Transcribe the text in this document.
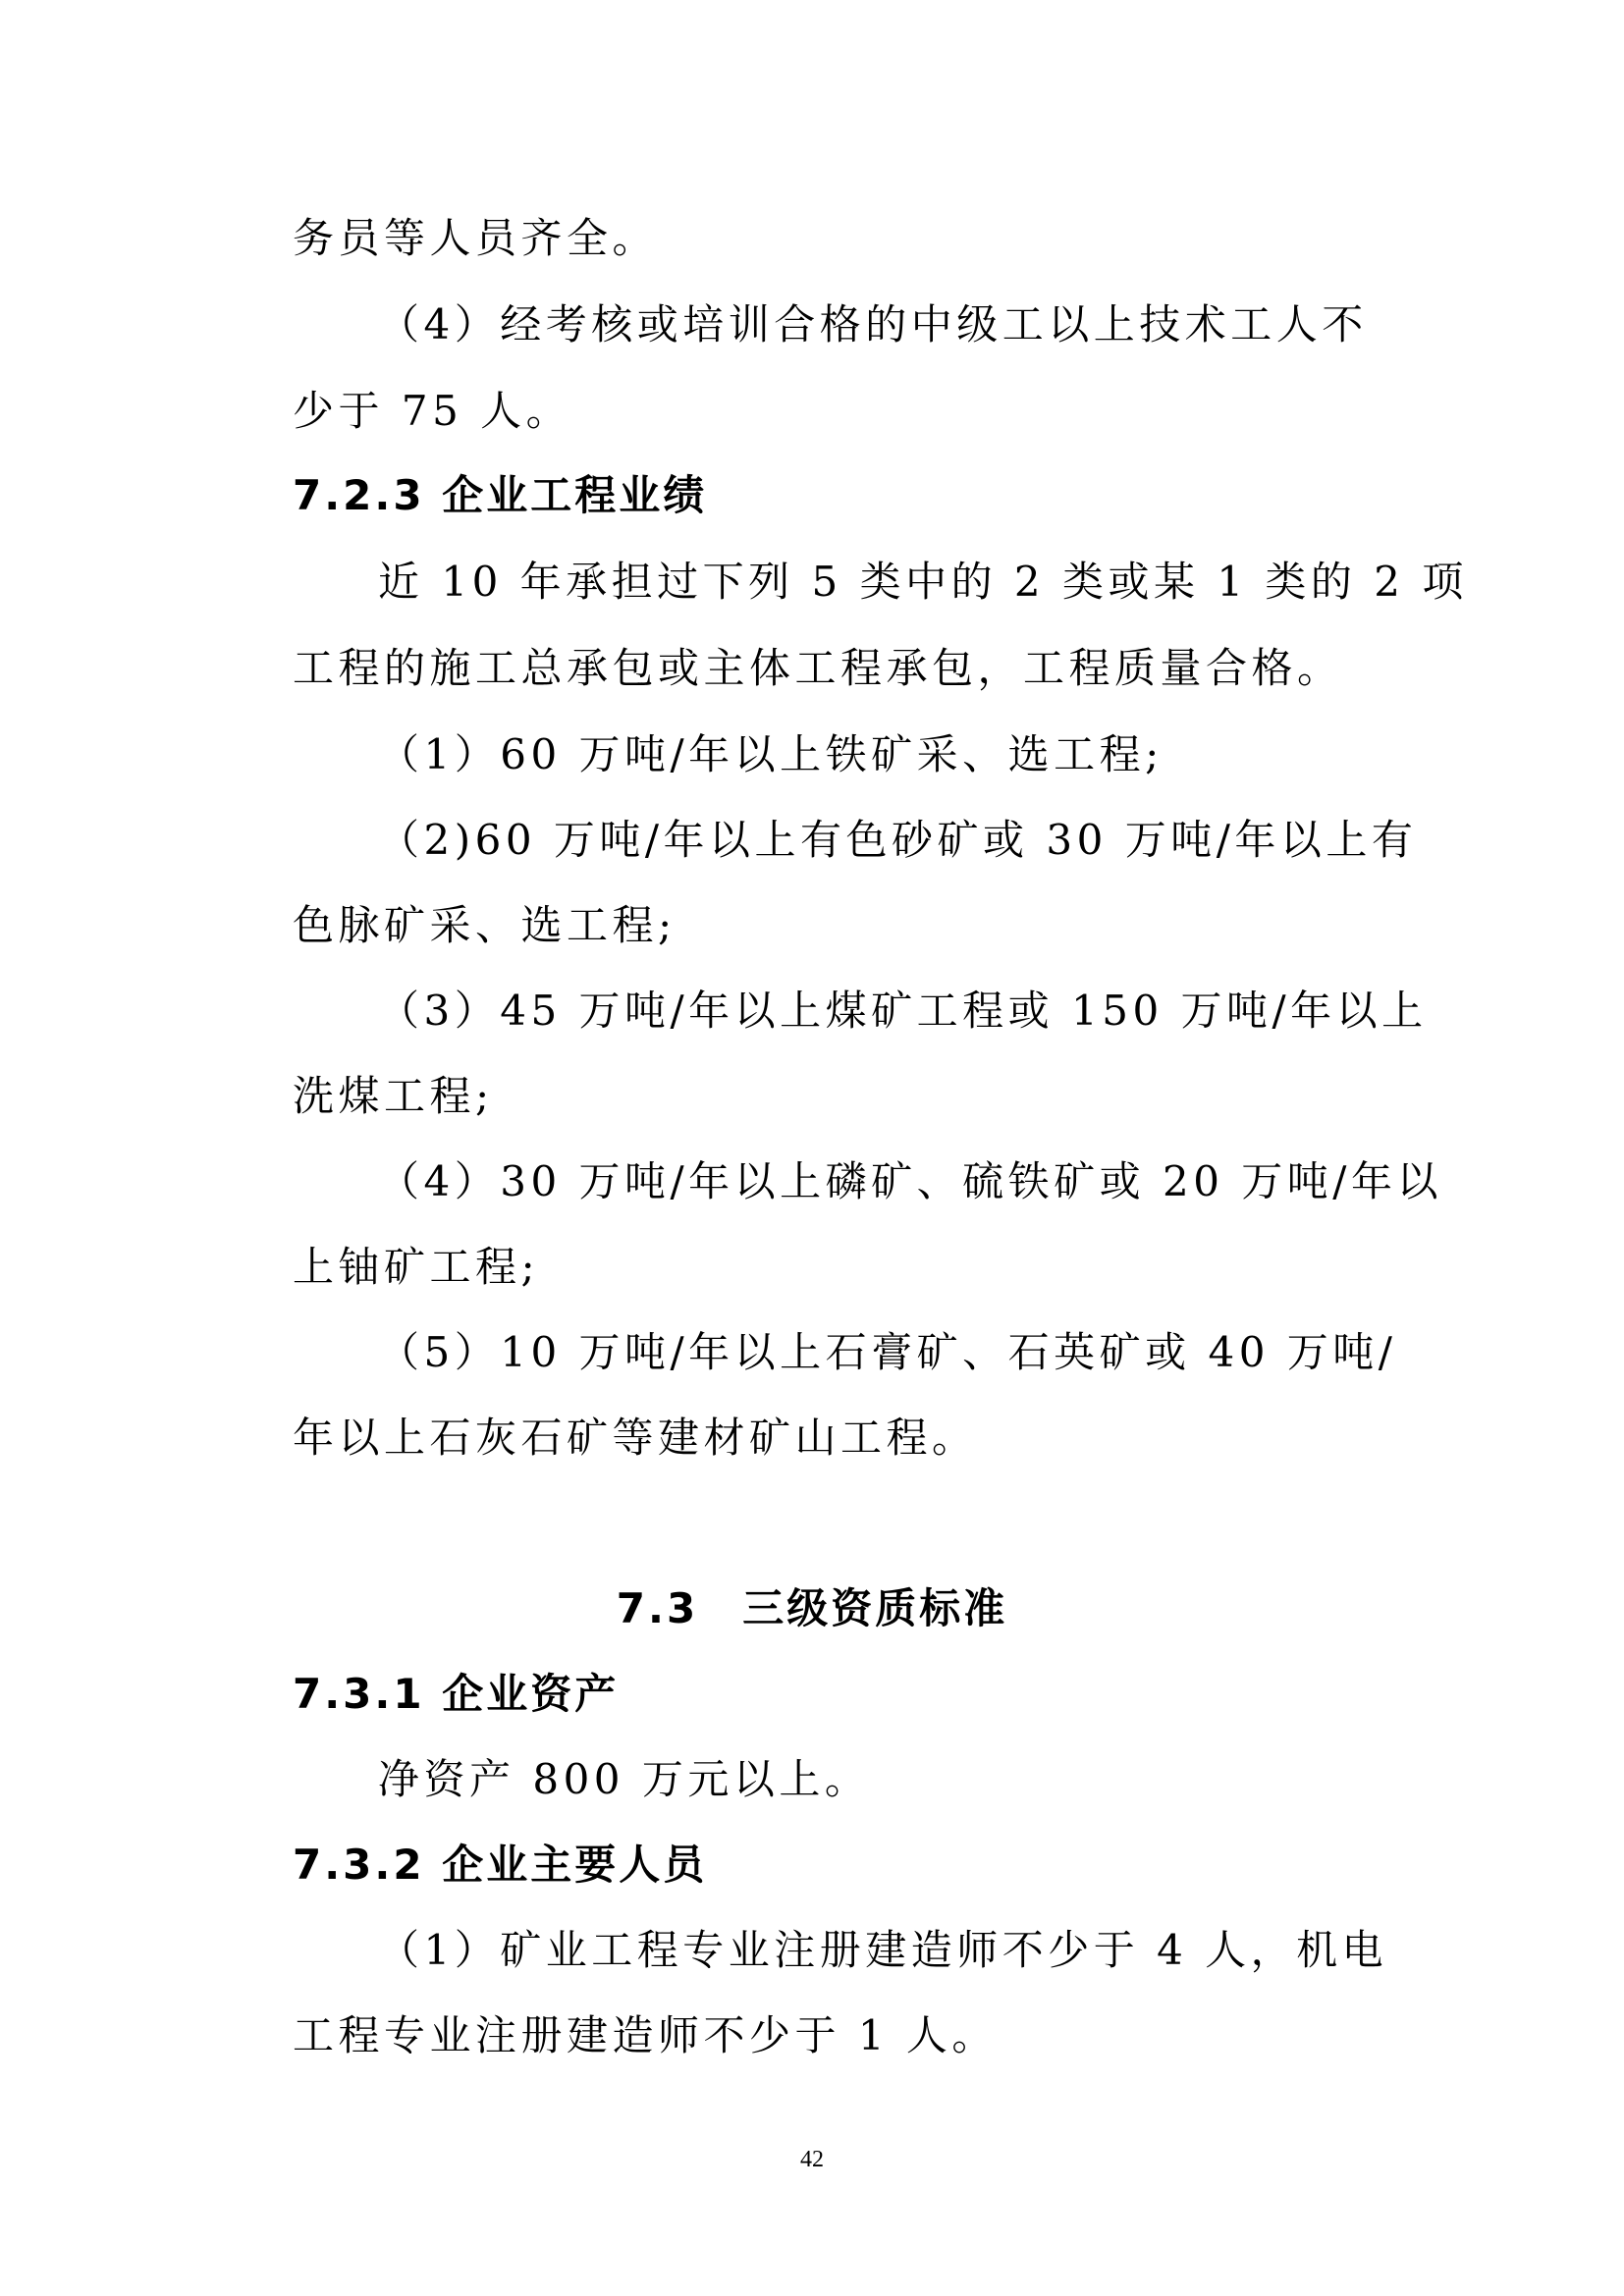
务员等人员齐全。
（4）经考核或培训合格的中级工以上技术工人不
少于 75 人。
7.2.3 企业工程业绩
近 10 年承担过下列 5 类中的 2 类或某 1 类的 2 项
工程的施工总承包或主体工程承包，工程质量合格。
（1）60 万吨/年以上铁矿采、选工程;
（2)60 万吨/年以上有色砂矿或 30 万吨/年以上有
色脉矿采、选工程;
（3）45 万吨/年以上煤矿工程或 150 万吨/年以上
洗煤工程;
（4）30 万吨/年以上磷矿、硫铁矿或 20 万吨/年以
上铀矿工程;
（5）10 万吨/年以上石膏矿、石英矿或 40 万吨/
年以上石灰石矿等建材矿山工程。
7.3　三级资质标准
7.3.1 企业资产
净资产 800 万元以上。
7.3.2 企业主要人员
（1）矿业工程专业注册建造师不少于 4 人，机电
工程专业注册建造师不少于 1 人。
42
